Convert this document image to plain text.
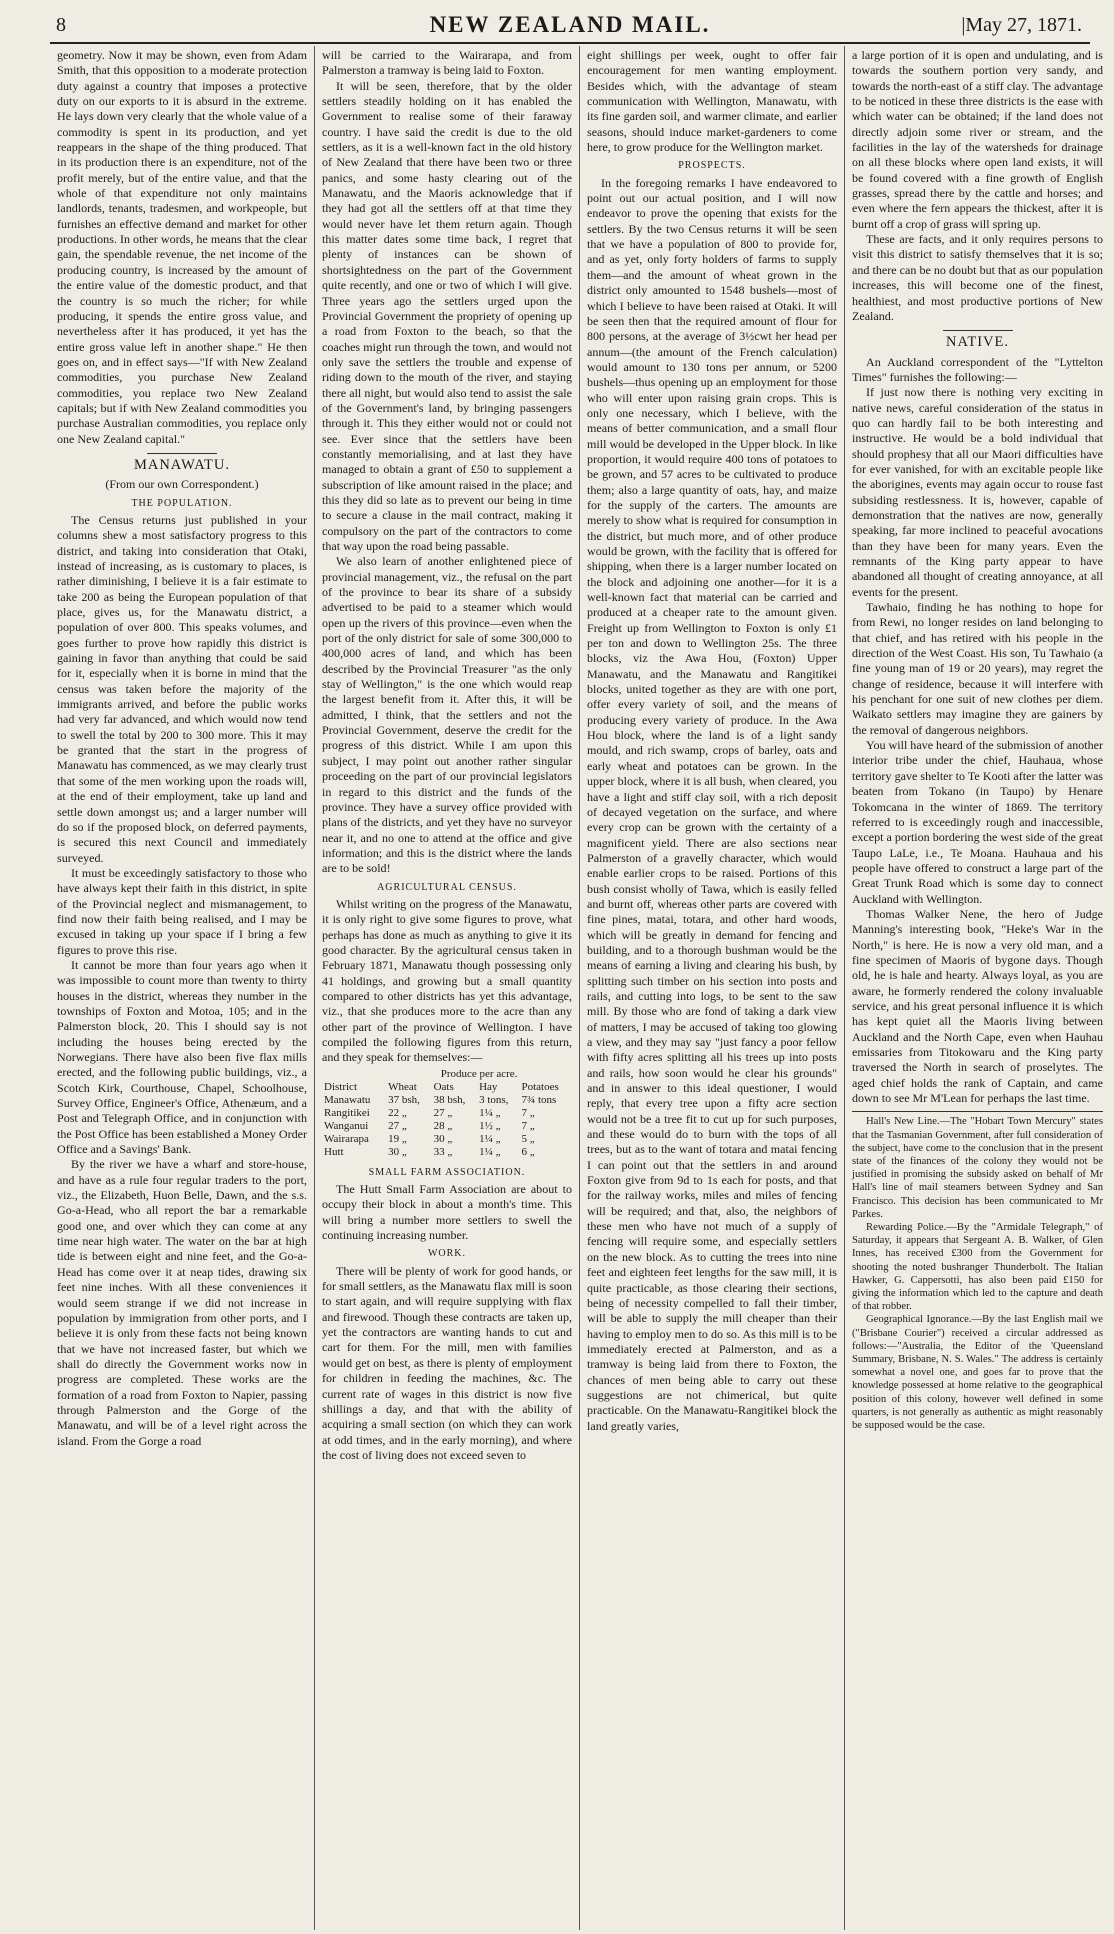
8	NEW ZEALAND MAIL.	|May 27, 1871.

geometry. Now it may be shown, even from Adam Smith, that this opposition to a moderate protection duty against a country that imposes a protective duty on our exports to it is absurd in the extreme. He lays down very clearly that the whole value of a commodity is spent in its production, and yet reappears in the shape of the thing produced. That in its production there is an expenditure, not of the profit merely, but of the entire value, and that the whole of that expenditure not only maintains landlords, tenants, tradesmen, and workpeople, but furnishes an effective demand and market for other productions. In other words, he means that the clear gain, the spendable revenue, the net income of the producing country, is increased by the amount of the entire value of the domestic product, and that the country is so much the richer; for while producing, it spends the entire gross value, and nevertheless after it has produced, it yet has the entire gross value left in another shape." He then goes on, and in effect says—"If with New Zealand commodities, you purchase New Zealand commodities, you replace two New Zealand capitals; but if with New Zealand commodities you purchase Australian commodities, you replace only one New Zealand capital."

MANAWATU.
(From our own Correspondent.)
THE POPULATION.

The Census returns just published in your columns shew a most satisfactory progress to this district, and taking into consideration that Otaki, instead of increasing, as is customary to places, is rather diminishing, I believe it is a fair estimate to take 200 as being the European population of that place, gives us, for the Manawatu district, a population of over 800. This speaks volumes, and goes further to prove how rapidly this district is gaining in favor than anything that could be said for it, especially when it is borne in mind that the census was taken before the majority of the immigrants arrived, and before the public works had very far advanced, and which would now tend to swell the total by 200 to 300 more. This it may be granted that the start in the progress of Manawatu has commenced, as we may clearly trust that some of the men working upon the roads will, at the end of their employment, take up land and settle down amongst us; and a larger number will do so if the proposed block, on deferred payments, is secured this next Council and immediately surveyed.

It must be exceedingly satisfactory to those who have always kept their faith in this district, in spite of the Provincial neglect and mismanagement, to find now their faith being realised, and I may be excused in taking up your space if I bring a few figures to prove this rise.

It cannot be more than four years ago when it was impossible to count more than twenty to thirty houses in the district, whereas they number in the townships of Foxton and Motoa, 105; and in the Palmerston block, 20. This I should say is not including the houses being erected by the Norwegians. There have also been five flax mills erected, and the following public buildings, viz., a Scotch Kirk, Courthouse, Chapel, Schoolhouse, Survey Office, Engineer's Office, Athenæum, and a Post and Telegraph Office, and in conjunction with the Post Office has been established a Money Order Office and a Savings' Bank.

By the river we have a wharf and store-house, and have as a rule four regular traders to the port, viz., the Elizabeth, Huon Belle, Dawn, and the s.s. Go-a-Head, who all report the bar a remarkable good one, and over which they can come at any time near high water. The water on the bar at high tide is between eight and nine feet, and the Go-a-Head has come over it at neap tides, drawing six feet nine inches. With all these conveniences it would seem strange if we did not increase in population by immigration from other ports, and I believe it is only from these facts not being known that we have not increased faster, but which we shall do directly the Government works now in progress are completed. These works are the formation of a road from Foxton to Napier, passing through Palmerston and the Gorge of the Manawatu, and will be of a level right across the island. From the Gorge a road

will be carried to the Wairarapa, and from Palmerston a tramway is being laid to Foxton.

It will be seen, therefore, that by the older settlers steadily holding on it has enabled the Government to realise some of their faraway country. I have said the credit is due to the old settlers, as it is a well-known fact in the old history of New Zealand that there have been two or three panics, and some hasty clearing out of the Manawatu, and the Maoris acknowledge that if they had got all the settlers off at that time they would never have let them return again. Though this matter dates some time back, I regret that plenty of instances can be shown of shortsightedness on the part of the Government quite recently, and one or two of which I will give. Three years ago the settlers urged upon the Provincial Government the propriety of opening up a road from Foxton to the beach, so that the coaches might run through the town, and would not only save the settlers the trouble and expense of riding down to the mouth of the river, and staying there all night, but would also tend to assist the sale of the Government's land, by bringing passengers through it. This they either would not or could not see. Ever since that the settlers have been constantly memorialising, and at last they have managed to obtain a grant of £50 to supplement a subscription of like amount raised in the place; and this they did so late as to prevent our being in time to secure a clause in the mail contract, making it compulsory on the part of the contractors to come that way upon the road being passable.

We also learn of another enlightened piece of provincial management, viz., the refusal on the part of the province to bear its share of a subsidy advertised to be paid to a steamer which would open up the rivers of this province—even when the port of the only district for sale of some 300,000 to 400,000 acres of land, and which has been described by the Provincial Treasurer "as the only stay of Wellington," is the one which would reap the largest benefit from it. After this, it will be admitted, I think, that the settlers and not the Provincial Government, deserve the credit for the progress of this district. While I am upon this subject, I may point out another rather singular proceeding on the part of our provincial legislators in regard to this district and the funds of the province. They have a survey office provided with plans of the districts, and yet they have no surveyor near it, and no one to attend at the office and give information; and this is the district where the lands are to be sold!

AGRICULTURAL CENSUS.

Whilst writing on the progress of the Manawatu, it is only right to give some figures to prove, what perhaps has done as much as anything to give it its good character. By the agricultural census taken in February 1871, Manawatu though possessing only 41 holdings, and growing but a small quantity compared to other districts has yet this advantage, viz., that she produces more to the acre than any other part of the province of Wellington. I have compiled the following figures from this return, and they speak for themselves:—

	Produce per acre.			
District	Wheat	Oats	Hay	Potatoes
Manawatu	37 bsh,	38 bsh,	3 tons,	7¾ tons
Rangitikei	22 „	27 „	1¼ „	7 „
Wanganui	27 „	28 „	1½ „	7 „
Wairarapa	19 „	30 „	1¼ „	5 „
Hutt	30 „	33 „	1¼ „	6 „
SMALL FARM ASSOCIATION.

The Hutt Small Farm Association are about to occupy their block in about a month's time. This will bring a number more settlers to swell the continuing increasing number.

WORK.

There will be plenty of work for good hands, or for small settlers, as the Manawatu flax mill is soon to start again, and will require supplying with flax and firewood. Though these contracts are taken up, yet the contractors are wanting hands to cut and cart for them. For the mill, men with families would get on best, as there is plenty of employment for children in feeding the machines, &c. The current rate of wages in this district is now five shillings a day, and that with the ability of acquiring a small section (on which they can work at odd times, and in the early morning), and where the cost of living does not exceed seven to

eight shillings per week, ought to offer fair encouragement for men wanting employment. Besides which, with the advantage of steam communication with Wellington, Manawatu, with its fine garden soil, and warmer climate, and earlier seasons, should induce market-gardeners to come here, to grow produce for the Wellington market.

PROSPECTS.

In the foregoing remarks I have endeavored to point out our actual position, and I will now endeavor to prove the opening that exists for the settlers. By the two Census returns it will be seen that we have a population of 800 to provide for, and as yet, only forty holders of farms to supply them—and the amount of wheat grown in the district only amounted to 1548 bushels—most of which I believe to have been raised at Otaki. It will be seen then that the required amount of flour for 800 persons, at the average of 3½cwt her head per annum—(the amount of the French calculation) would amount to 130 tons per annum, or 5200 bushels—thus opening up an employment for those who will enter upon raising grain crops. This is only one necessary, which I believe, with the means of better communication, and a small flour mill would be developed in the Upper block. In like proportion, it would require 400 tons of potatoes to be grown, and 57 acres to be cultivated to produce them; also a large quantity of oats, hay, and maize for the supply of the carters. The amounts are merely to show what is required for consumption in the district, but much more, and of other produce would be grown, with the facility that is offered for shipping, when there is a larger number located on the block and adjoining one another—for it is a well-known fact that material can be carried and produced at a cheaper rate to the amount given. Freight up from Wellington to Foxton is only £1 per ton and down to Wellington 25s. The three blocks, viz the Awa Hou, (Foxton) Upper Manawatu, and the Manawatu and Rangitikei blocks, united together as they are with one port, offer every variety of soil, and the means of producing every variety of produce. In the Awa Hou block, where the land is of a light sandy mould, and rich swamp, crops of barley, oats and early wheat and potatoes can be grown. In the upper block, where it is all bush, when cleared, you have a light and stiff clay soil, with a rich deposit of decayed vegetation on the surface, and where every crop can be grown with the certainty of a magnificent yield. There are also sections near Palmerston of a gravelly character, which would enable earlier crops to be raised. Portions of this bush consist wholly of Tawa, which is easily felled and burnt off, whereas other parts are covered with fine pines, matai, totara, and other hard woods, which will be greatly in demand for fencing and building, and to a thorough bushman would be the means of earning a living and clearing his bush, by splitting such timber on his section into posts and rails, and cutting into logs, to be sent to the saw mill. By those who are fond of taking a dark view of matters, I may be accused of taking too glowing a view, and they may say "just fancy a poor fellow with fifty acres splitting all his trees up into posts and rails, how soon would he clear his grounds" and in answer to this ideal questioner, I would reply, that every tree upon a fifty acre section would not be a tree fit to cut up for such purposes, and these would do to burn with the tops of all trees, but as to the want of totara and matai fencing I can point out that the settlers in and around Foxton give from 9d to 1s each for posts, and that for the railway works, miles and miles of fencing will be required; and that, also, the neighbors of these men who have not much of a supply of fencing will require some, and especially settlers on the new block. As to cutting the trees into nine feet and eighteen feet lengths for the saw mill, it is quite practicable, as those clearing their sections, being of necessity compelled to fall their timber, will be able to supply the mill cheaper than their having to employ men to do so. As this mill is to be immediately erected at Palmerston, and as a tramway is being laid from there to Foxton, the chances of men being able to carry out these suggestions are not chimerical, but quite practicable. On the Manawatu-Rangitikei block the land greatly varies,

a large portion of it is open and undulating, and is towards the southern portion very sandy, and towards the north-east of a stiff clay. The advantage to be noticed in these three districts is the ease with which water can be obtained; if the land does not directly adjoin some river or stream, and the facilities in the lay of the watersheds for drainage on all these blocks where open land exists, it will be found covered with a fine growth of English grasses, spread there by the cattle and horses; and even where the fern appears the thickest, after it is burnt off a crop of grass will spring up.

These are facts, and it only requires persons to visit this district to satisfy themselves that it is so; and there can be no doubt but that as our population increases, this will become one of the finest, healthiest, and most productive portions of New Zealand.

NATIVE.

An Auckland correspondent of the "Lyttelton Times" furnishes the following:—

If just now there is nothing very exciting in native news, careful consideration of the status in quo can hardly fail to be both interesting and instructive. He would be a bold individual that should prophesy that all our Maori difficulties have for ever vanished, for with an excitable people like the aborigines, events may again occur to rouse fast subsiding restlessness. It is, however, capable of demonstration that the natives are now, generally speaking, far more inclined to peaceful avocations than they have been for many years. Even the remnants of the King party appear to have abandoned all thought of creating annoyance, at all events for the present.

Tawhaio, finding he has nothing to hope for from Rewi, no longer resides on land belonging to that chief, and has retired with his people in the direction of the West Coast. His son, Tu Tawhaio (a fine young man of 19 or 20 years), may regret the change of residence, because it will interfere with his penchant for one suit of new clothes per diem. Waikato settlers may imagine they are gainers by the removal of dangerous neighbors.

You will have heard of the submission of another interior tribe under the chief, Hauhaua, whose territory gave shelter to Te Kooti after the latter was beaten from Tokano (in Taupo) by Henare Tokomcana in the winter of 1869. The territory referred to is exceedingly rough and inaccessible, except a portion bordering the west side of the great Taupo LaLe, i.e., Te Moana. Hauhaua and his people have offered to construct a large part of the Great Trunk Road which is some day to connect Auckland with Wellington.

Thomas Walker Nene, the hero of Judge Manning's interesting book, "Heke's War in the North," is here. He is now a very old man, and a fine specimen of Maoris of bygone days. Though old, he is hale and hearty. Always loyal, as you are aware, he formerly rendered the colony invaluable service, and his great personal influence it is which has kept quiet all the Maoris living between Auckland and the North Cape, even when Hauhau emissaries from Titokowaru and the King party traversed the North in search of proselytes. The aged chief holds the rank of Captain, and came down to see Mr M'Lean for perhaps the last time.

Hall's New Line.—The "Hobart Town Mercury" states that the Tasmanian Government, after full consideration of the subject, have come to the conclusion that in the present state of the finances of the colony they would not be justified in promising the subsidy asked on behalf of Mr Hall's line of mail steamers between Sydney and San Francisco. This decision has been communicated to Mr Parkes.

Rewarding Police.—By the "Armidale Telegraph," of Saturday, it appears that Sergeant A. B. Walker, of Glen Innes, has received £300 from the Government for shooting the noted bushranger Thunderbolt. The Italian Hawker, G. Cappersotti, has also been paid £150 for giving the information which led to the capture and death of that robber.

Geographical Ignorance.—By the last English mail we ("Brisbane Courier") received a circular addressed as follows:—"Australia, the Editor of the 'Queensland Summary, Brisbane, N. S. Wales." The address is certainly somewhat a novel one, and goes far to prove that the knowledge possessed at home relative to the geographical position of this colony, however well defined in some quarters, is not generally as authentic as might reasonably be supposed would be the case.
